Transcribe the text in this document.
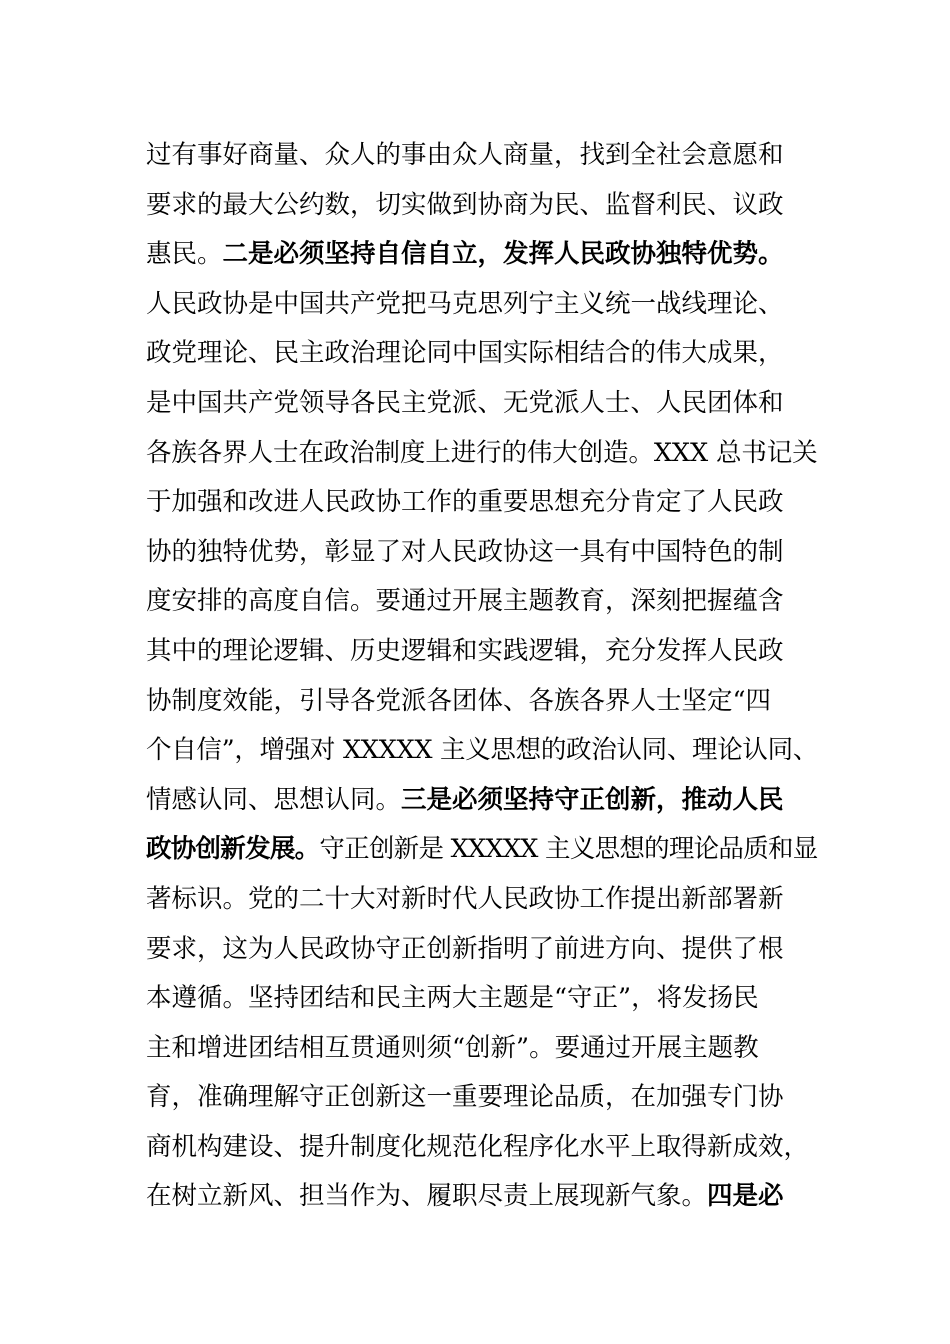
过有事好商量、众人的事由众人商量，找到全社会意愿和
要求的最大公约数，切实做到协商为民、监督利民、议政
惠民。二是必须坚持自信自立，发挥人民政协独特优势。
人民政协是中国共产党把马克思列宁主义统一战线理论、
政党理论、民主政治理论同中国实际相结合的伟大成果，
是中国共产党领导各民主党派、无党派人士、人民团体和
各族各界人士在政治制度上进行的伟大创造。XXX 总书记关
于加强和改进人民政协工作的重要思想充分肯定了人民政
协的独特优势，彰显了对人民政协这一具有中国特色的制
度安排的高度自信。要通过开展主题教育，深刻把握蕴含
其中的理论逻辑、历史逻辑和实践逻辑，充分发挥人民政
协制度效能，引导各党派各团体、各族各界人士坚定“四
个自信”，增强对 XXXXX 主义思想的政治认同、理论认同、
情感认同、思想认同。三是必须坚持守正创新，推动人民
政协创新发展。守正创新是 XXXXX 主义思想的理论品质和显
著标识。党的二十大对新时代人民政协工作提出新部署新
要求，这为人民政协守正创新指明了前进方向、提供了根
本遵循。坚持团结和民主两大主题是“守正”，将发扬民
主和增进团结相互贯通则须“创新”。要通过开展主题教
育，准确理解守正创新这一重要理论品质，在加强专门协
商机构建设、提升制度化规范化程序化水平上取得新成效，
在树立新风、担当作为、履职尽责上展现新气象。四是必
